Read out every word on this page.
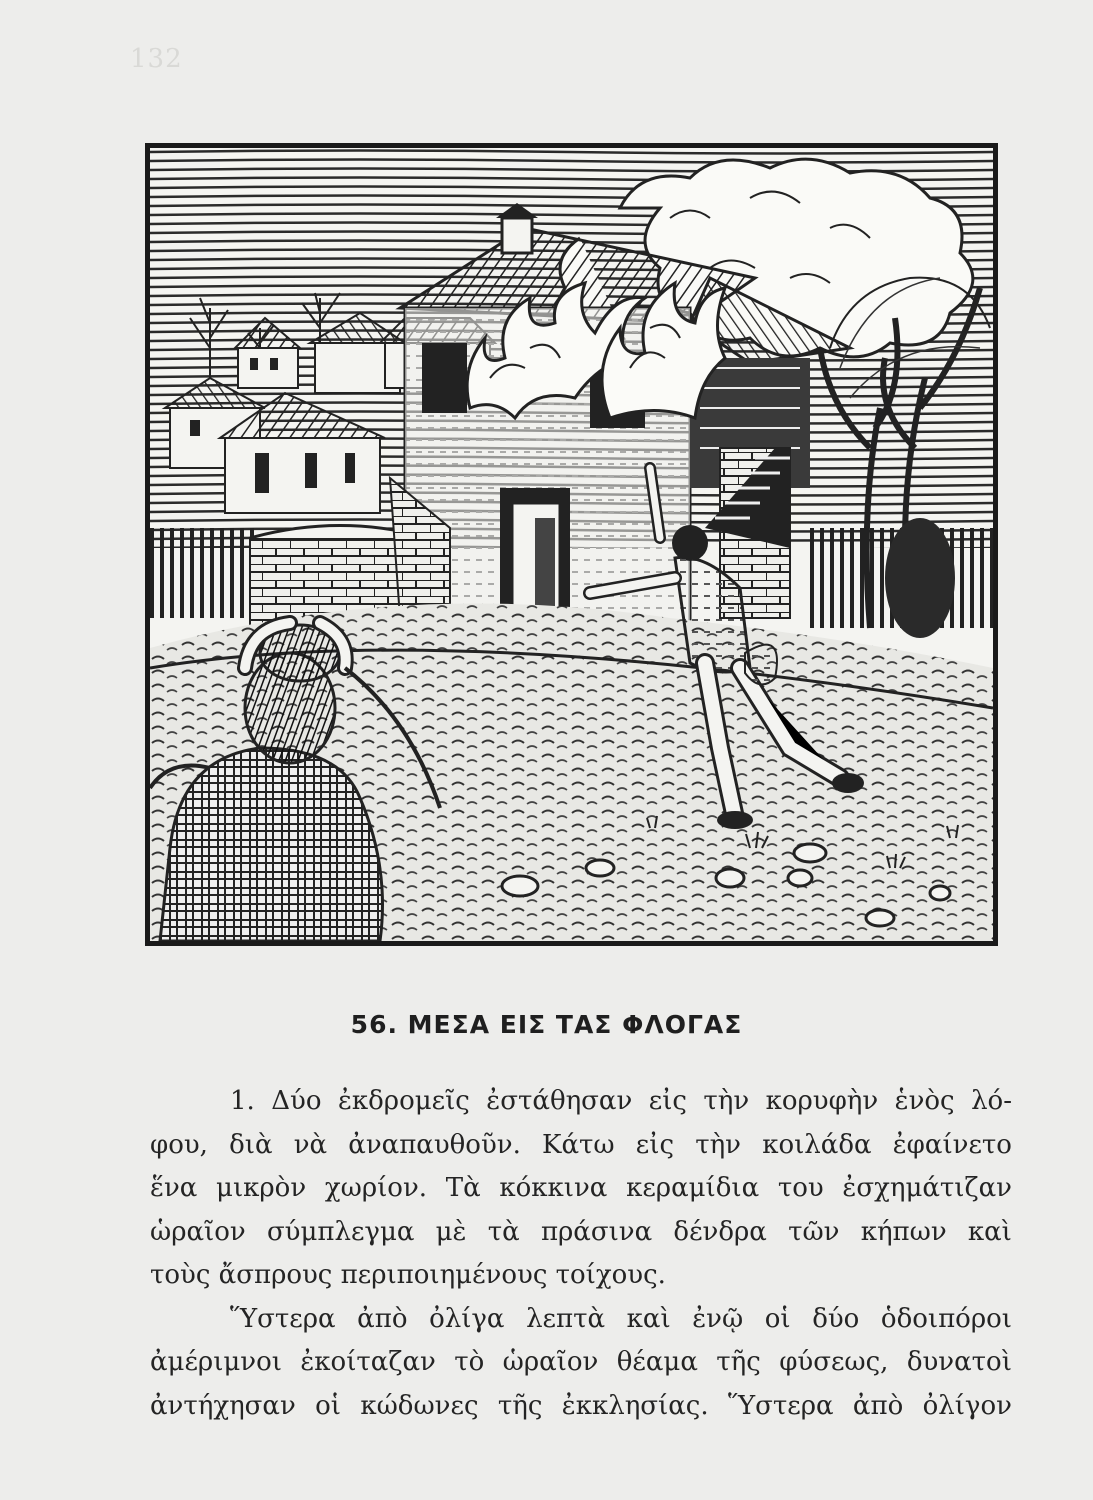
132
56. ΜΕΣΑ ΕΙΣ ΤΑΣ ΦΛΟΓΑΣ
1. Δύο ἐκδρομεῖς ἐστάθησαν εἰς τὴν κορυφὴν ἑνὸς λό-
φου, διὰ νὰ ἀναπαυθοῦν. Κάτω εἰς τὴν κοιλάδα ἐφαίνετο
ἕνα μικρὸν χωρίον. Τὰ κόκκινα κεραμίδια του ἐσχημάτιζαν
ὡραῖον σύμπλεγμα μὲ τὰ πράσινα δένδρα τῶν κήπων καὶ
τοὺς ἄσπρους περιποιημένους τοίχους.
Ὕστερα ἀπὸ ὀλίγα λεπτὰ καὶ ἐνῷ οἱ δύο ὁδοιπόροι
ἀμέριμνοι ἐκοίταζαν τὸ ὡραῖον θέαμα τῆς φύσεως, δυνατοὶ
ἀντήχησαν οἱ κώδωνες τῆς ἐκκλησίας. Ὕστερα ἀπὸ ὀλίγον
